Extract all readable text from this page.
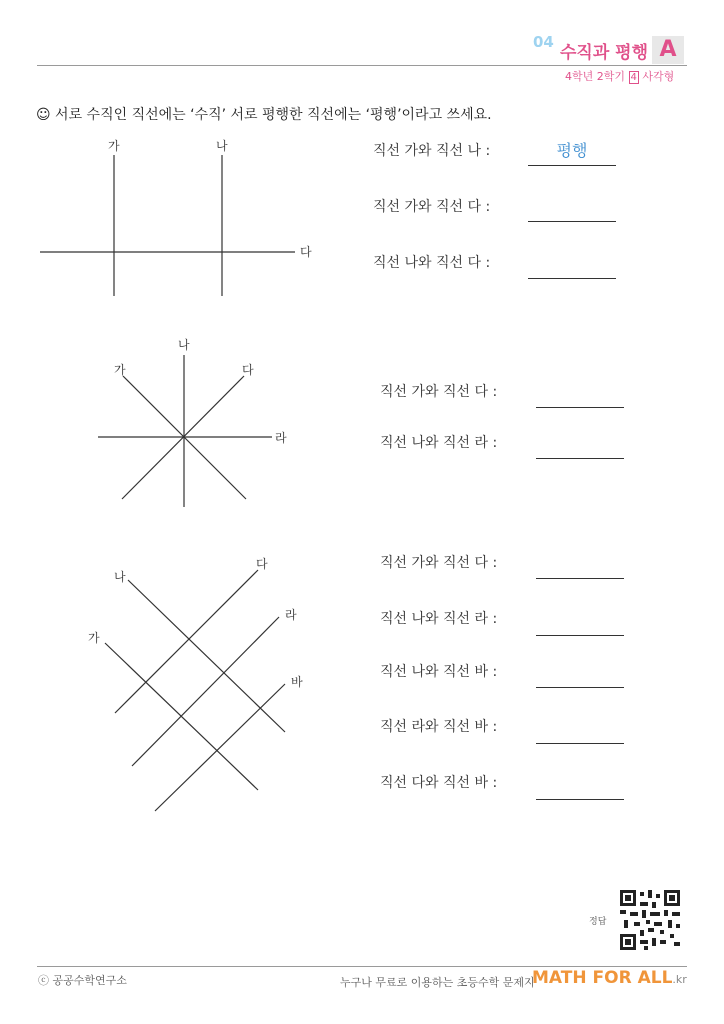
04
수직과 평행 A
4학년 2학기 4 사각형
☺ 서로 수직인 직선에는 ‘수직’ 서로 평행한 직선에는 ‘평행’이라고 쓰세요.
가	나
다
나
가	다
라
다
나
가
라
바
직선 가와 직선 나 :	평행
직선 가와 직선 다 :
직선 나와 직선 다 :
직선 가와 직선 다 :
직선 나와 직선 라 :
직선 가와 직선 다 :
직선 나와 직선 라 :
직선 나와 직선 바 :
직선 라와 직선 바 :
직선 다와 직선 바 :
정답
ⓒ 공공수학연구소	누구나 무료로 이용하는 초등수학 문제지
MATH FOR ALL.kr
